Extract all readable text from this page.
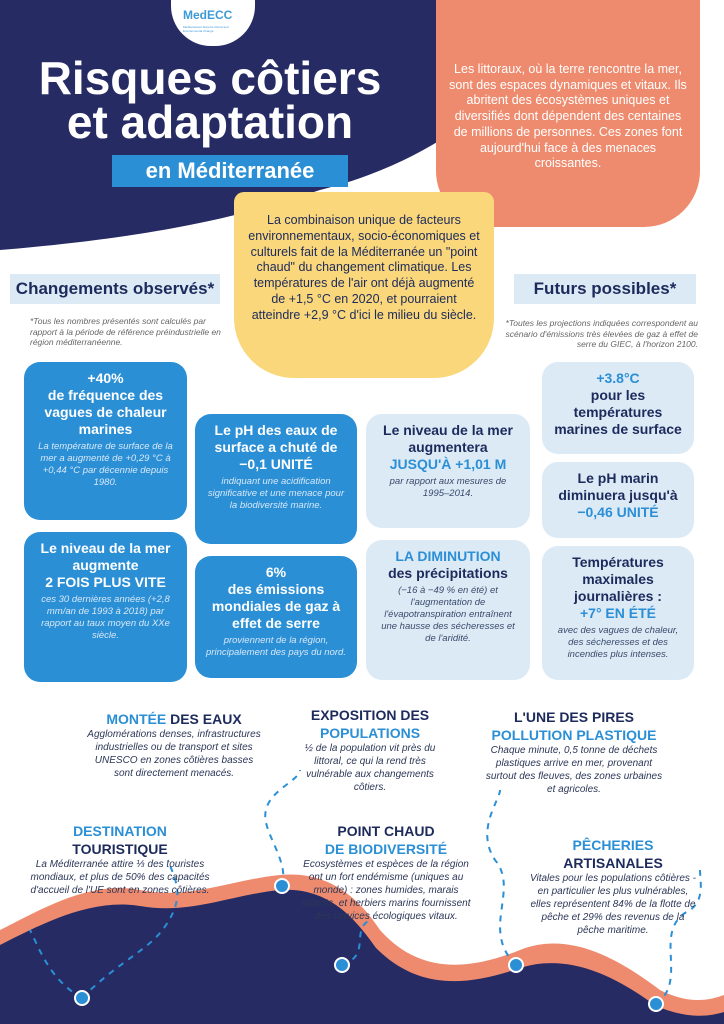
MedECC
Méditerranéen Experts Climat and Environmental Change
Risques côtiers
et adaptation
en Méditerranée
Les littoraux, où la terre rencontre la mer, sont des espaces dynamiques et vitaux. Ils abritent des écosystèmes uniques et diversifiés dont dépendent des centaines de millions de personnes. Ces zones font aujourd'hui face à des menaces croissantes.
La combinaison unique de facteurs environnementaux, socio-économiques et culturels fait de la Méditerranée un "point chaud" du changement climatique. Les températures de l'air ont déjà augmenté de +1,5 °C en 2020, et pourraient atteindre +2,9 °C d'ici le milieu du siècle.
Changements observés*
*Tous les nombres présentés sont calculés par rapport à la période de référence préindustrielle en région méditerranéenne.
Futurs possibles*
*Toutes les projections indiquées correspondent au scénario d'émissions très élevées de gaz à effet de serre du GIEC, à l'horizon 2100.
+40%
de fréquence des vagues de chaleur marines
La température de surface de la mer a augmenté de +0,29 °C à +0,44 °C par décennie depuis 1980.
Le niveau de la mer augmente
2 FOIS PLUS VITE
ces 30 dernières années (+2,8 mm/an de 1993 à 2018) par rapport au taux moyen du XXe siècle.
Le pH des eaux de surface a chuté de
−0,1 UNITÉ
indiquant une acidification significative et une menace pour la biodiversité marine.
6%
des émissions mondiales de gaz à effet de serre
proviennent de la région, principalement des pays du nord.
Le niveau de la mer augmentera
JUSQU'À +1,01 M
par rapport aux mesures de 1995–2014.
LA DIMINUTION
des précipitations
(−16 à −49 % en été) et l'augmentation de l'évapotranspiration entraînent une hausse des sécheresses et de l'aridité.
+3.8°C
pour les températures marines de surface
Le pH marin diminuera jusqu'à
−0,46 UNITÉ
Températures maximales journalières :
+7° EN ÉTÉ
avec des vagues de chaleur, des sécheresses et des incendies plus intenses.
MONTÉE DES EAUX
Agglomérations denses, infrastructures industrielles ou de transport et sites UNESCO en zones côtières basses sont directement menacés.
EXPOSITION DES
POPULATIONS
½ de la population vit près du littoral, ce qui la rend très vulnérable aux changements côtiers.
L'UNE DES PIRES
POLLUTION PLASTIQUE
Chaque minute, 0,5 tonne de déchets plastiques arrive en mer, provenant surtout des fleuves, des zones urbaines et agricoles.
DESTINATION TOURISTIQUE
La Méditerranée attire ⅓ des touristes mondiaux, et plus de 50% des capacités d'accueil de l'UE sont en zones côtières.
POINT CHAUD
DE BIODIVERSITÉ
Ecosystèmes et espèces de la région ont un fort endémisme (uniques au monde) : zones humides, marais salants, et herbiers marins fournissent des services écologiques vitaux.
PÊCHERIES ARTISANALES
Vitales pour les populations côtières - en particulier les plus vulnérables, elles représentent 84% de la flotte de pêche et 29% des revenus de la pêche maritime.
